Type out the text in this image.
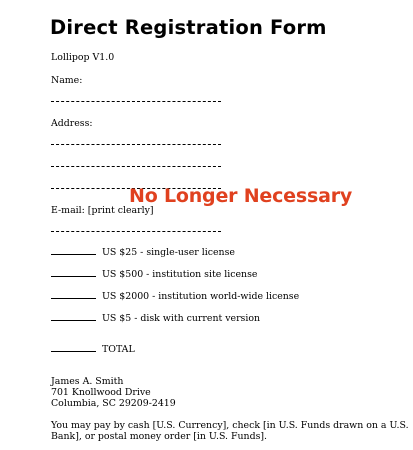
Direct Registration Form
Lollipop V1.0
Name:
Address:
E-mail: [print clearly]
US $25 - single-user license
US $500 - institution site license
US $2000 - institution world-wide license
US $5 - disk with current version
TOTAL
James A. Smith
701 Knollwood Drive
Columbia, SC 29209-2419
You may pay by cash [U.S. Currency], check [in U.S. Funds drawn on a U.S.
Bank], or postal money order [in U.S. Funds].
No Longer Necessary
